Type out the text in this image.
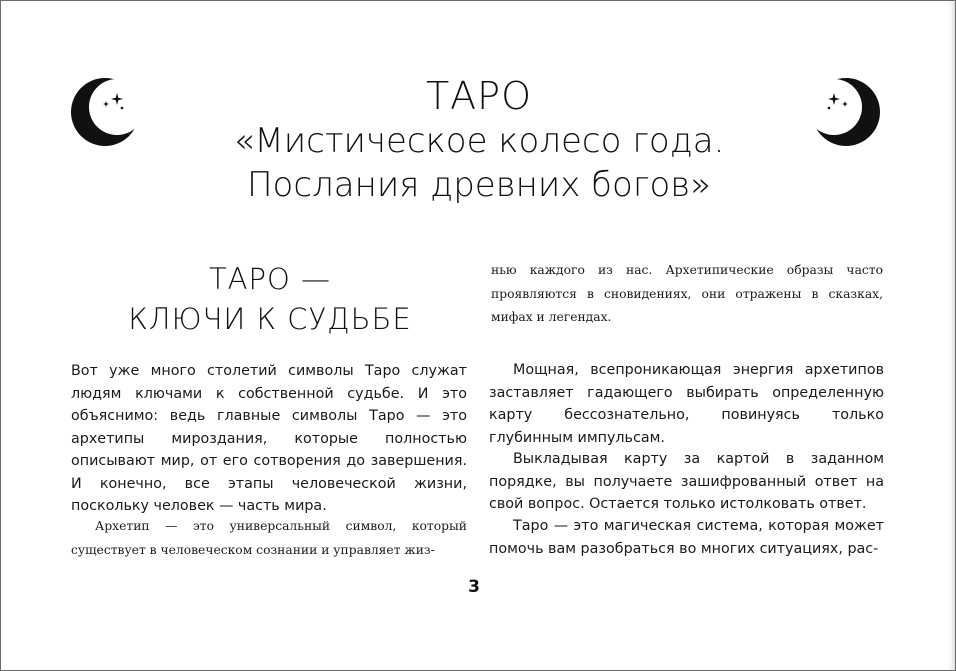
ТАРО
«Мистическое колесо года.
Послания древних богов»
ТАРО —
КЛЮЧИ К СУДЬБЕ

Вот уже много столетий символы Таро служат людям ключами к собственной судьбе. И это объяснимо: ведь главные символы Таро — это архетипы мироздания, которые полностью описывают мир, от его сотворения до завершения. И конечно, все этапы человеческой жизни, поскольку человек — часть мира.

Архетип — это универсальный символ, который существует в человеческом сознании и управляет жиз-

нью каждого из нас. Архетипические образы часто проявляются в сновидениях, они отражены в сказках, мифах и легендах.

Мощная, всепроникающая энергия архетипов заставляет гадающего выбирать определенную карту бессознательно, повинуясь только глубинным импульсам.

Выкладывая карту за картой в заданном порядке, вы получаете зашифрованный ответ на свой вопрос. Остается только истолковать ответ.

Таро — это магическая система, которая может помочь вам разобраться во многих ситуациях, рас-

3
